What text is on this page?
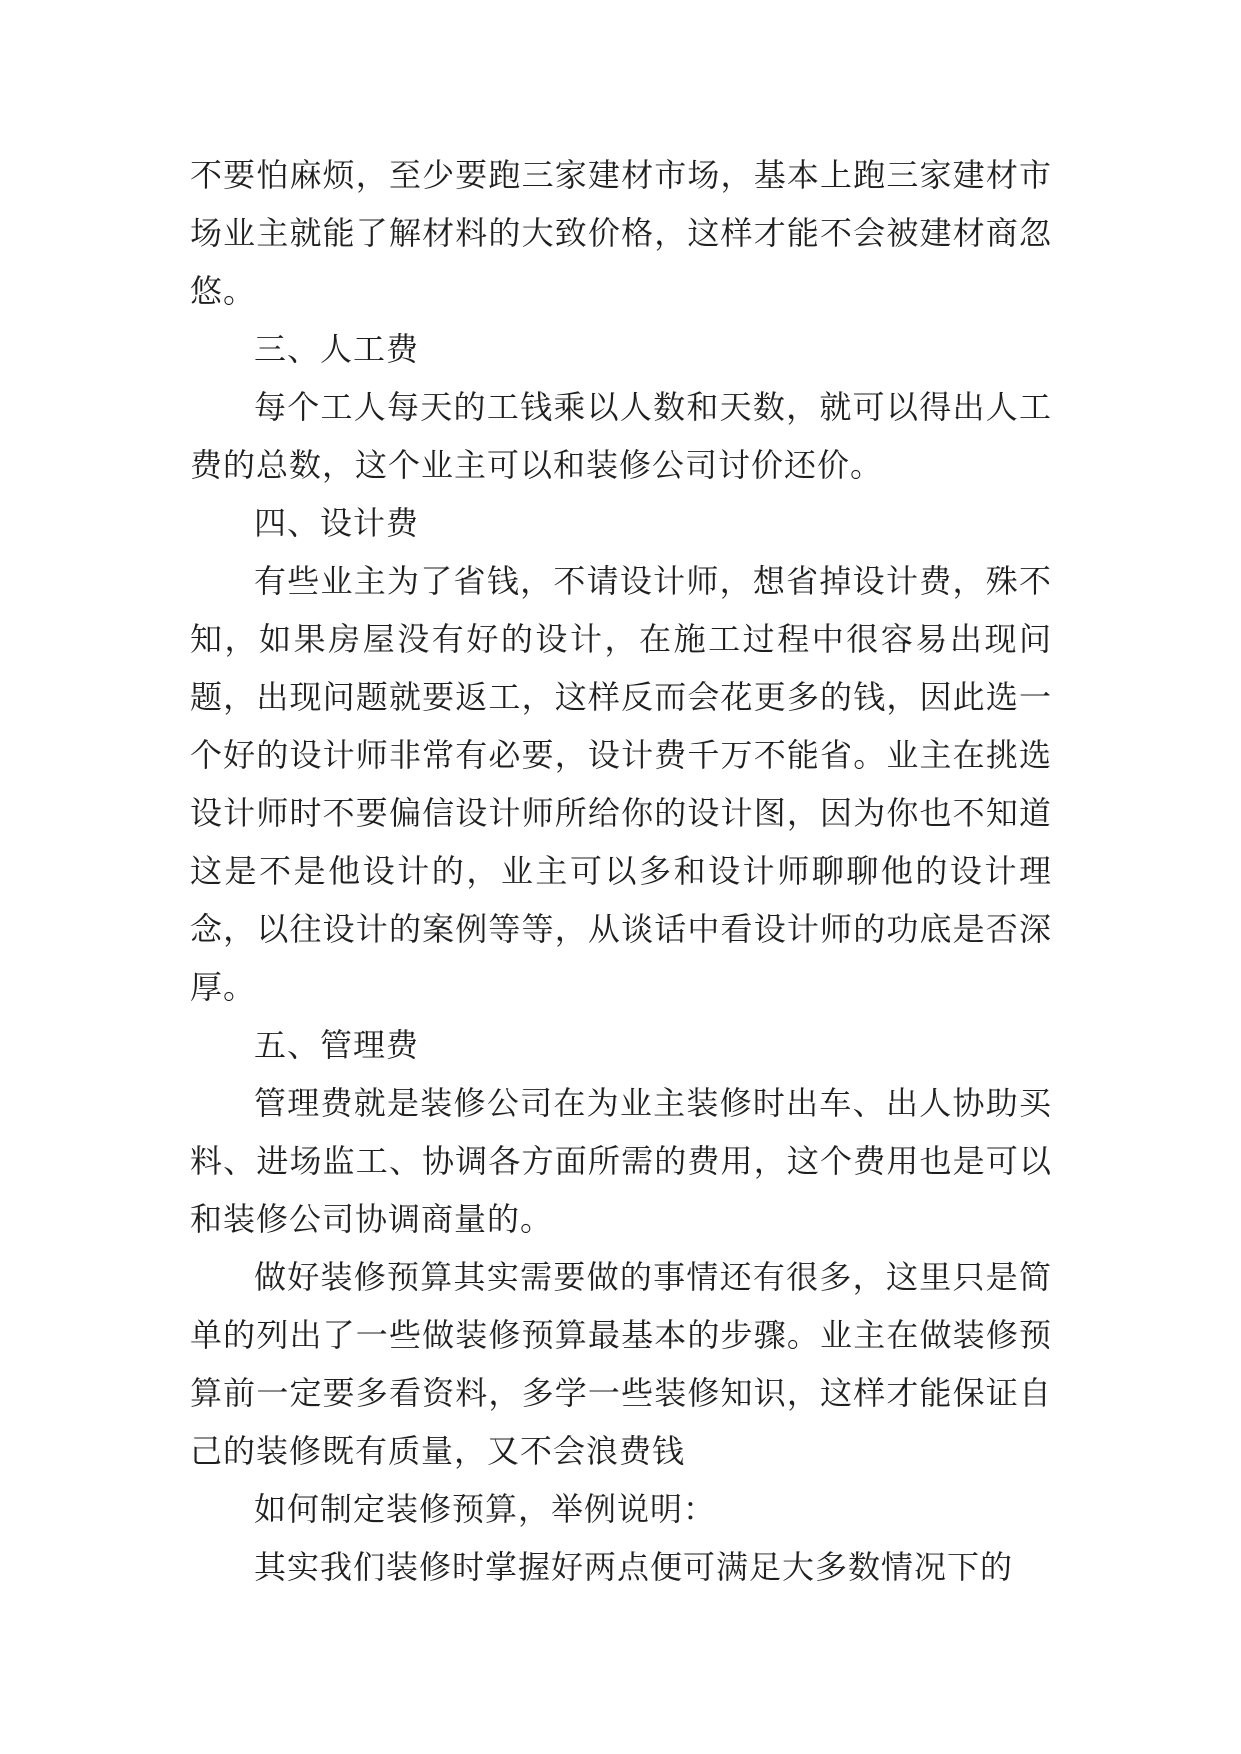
不要怕麻烦，至少要跑三家建材市场，基本上跑三家建材市场业主就能了解材料的大致价格，这样才能不会被建材商忽悠。

三、人工费

每个工人每天的工钱乘以人数和天数，就可以得出人工费的总数，这个业主可以和装修公司讨价还价。

四、设计费

有些业主为了省钱，不请设计师，想省掉设计费，殊不知，如果房屋没有好的设计，在施工过程中很容易出现问题，出现问题就要返工，这样反而会花更多的钱，因此选一个好的设计师非常有必要，设计费千万不能省。业主在挑选设计师时不要偏信设计师所给你的设计图，因为你也不知道这是不是他设计的，业主可以多和设计师聊聊他的设计理念，以往设计的案例等等，从谈话中看设计师的功底是否深厚。

五、管理费

管理费就是装修公司在为业主装修时出车、出人协助买料、进场监工、协调各方面所需的费用，这个费用也是可以和装修公司协调商量的。

做好装修预算其实需要做的事情还有很多，这里只是简单的列出了一些做装修预算最基本的步骤。业主在做装修预算前一定要多看资料，多学一些装修知识，这样才能保证自己的装修既有质量，又不会浪费钱

如何制定装修预算，举例说明：

其实我们装修时掌握好两点便可满足大多数情况下的
